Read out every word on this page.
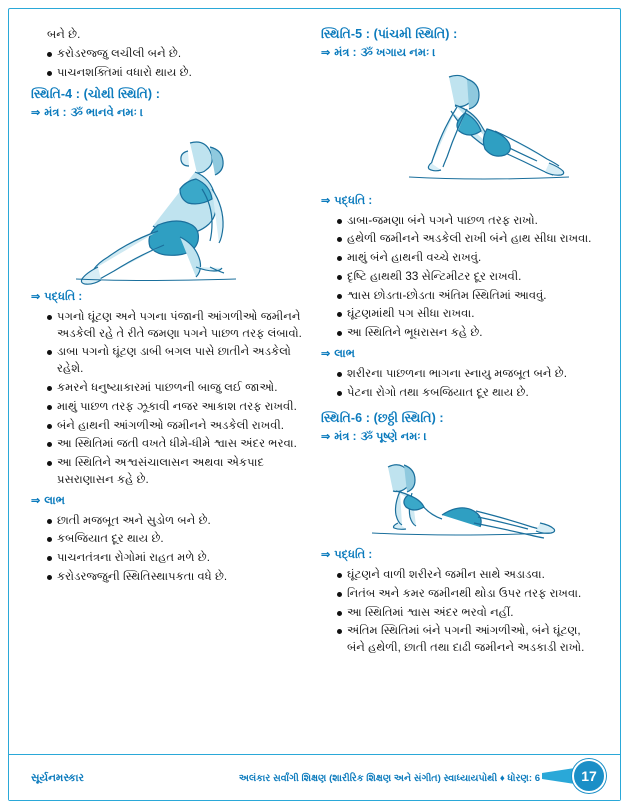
બને છે.
કરોડરજ્જુ લચીલી બને છે.
પાચનશક્તિમાં વધારો થાય છે.
સ્થિતિ-4 : (ચોથી સ્થિતિ) :
⇒ મંત્ર : ૐ ભાનવે નમઃ ।
⇒ પદ્ધતિ :
પગનો ઘૂંટણ અને પગના પંજાની આંગળીઓ જમીનને અડકેલી રહે તે રીતે જમણા પગને પાછળ તરફ લંબાવો.
ડાબા પગનો ઘૂંટણ ડાબી બગલ પાસે છાતીને અડકેલો રહેશે.
કમરને ધનુષ્યાકારમાં પાછળની બાજુ લઈ જાઓ.
માથું પાછળ તરફ ઝૂકાવી નજર આકાશ તરફ રાખવી.
બંને હાથની આંગળીઓ જમીનને અડકેલી રાખવી.
આ સ્થિતિમાં જતી વખતે ધીમે-ધીમે શ્વાસ અંદર ભરવા.
આ સ્થિતિને અશ્વસંચાલાસન અથવા એકપાદ પ્રસરાણાસન કહે છે.
⇒ લાભ
છાતી મજબૂત અને સુડોળ બને છે.
કબજિયાત દૂર થાય છે.
પાચનતંત્રના રોગોમાં રાહત મળે છે.
કરોડરજ્જુની સ્થિતિસ્થાપકતા વધે છે.
સ્થિતિ-5 : (પાંચમી સ્થિતિ) :
⇒ મંત્ર : ૐ ખગાય નમઃ ।
⇒ પદ્ધતિ :
ડાબા-જમણા બંને પગને પાછળ તરફ રાખો.
હથેળી જમીનને અડકેલી રાખી બંને હાથ સીધા રાખવા.
માથું બંને હાથની વચ્ચે રાખવું.
દૃષ્ટિ હાથથી 33 સેન્ટિમીટર દૂર રાખવી.
શ્વાસ છોડતા-છોડતા અંતિમ સ્થિતિમાં આવવું.
ઘૂંટણમાંથી પગ સીધા રાખવા.
આ સ્થિતિને ભૂધરાસન કહે છે.
⇒ લાભ
શરીરના પાછળના ભાગના સ્નાયુ મજબૂત બને છે.
પેટના રોગો તથા કબજિયાત દૂર થાય છે.
સ્થિતિ-6 : (છઠ્ઠી સ્થિતિ) :
⇒ મંત્ર : ૐ પૂષ્ણે નમઃ ।
⇒ પદ્ધતિ :
ઘૂંટણને વાળી શરીરને જમીન સાથે અડાડવા.
નિતંબ અને કમર જમીનથી થોડા ઉપર તરફ રાખવા.
આ સ્થિતિમાં શ્વાસ અંદર ભરવો નહીં.
અંતિમ સ્થિતિમાં બંને પગની આંગળીઓ, બંને ઘૂંટણ, બંને હથેળી, છાતી તથા દાઢી જમીનને અડકાડી રાખો.
સૂર્યનમસ્કાર	અલંકાર સર્વાંગી શિક્ષણ (શારીરિક શિક્ષણ અને સંગીત) સ્વાધ્યાયપોથી ♦ ધોરણ: 6	17
